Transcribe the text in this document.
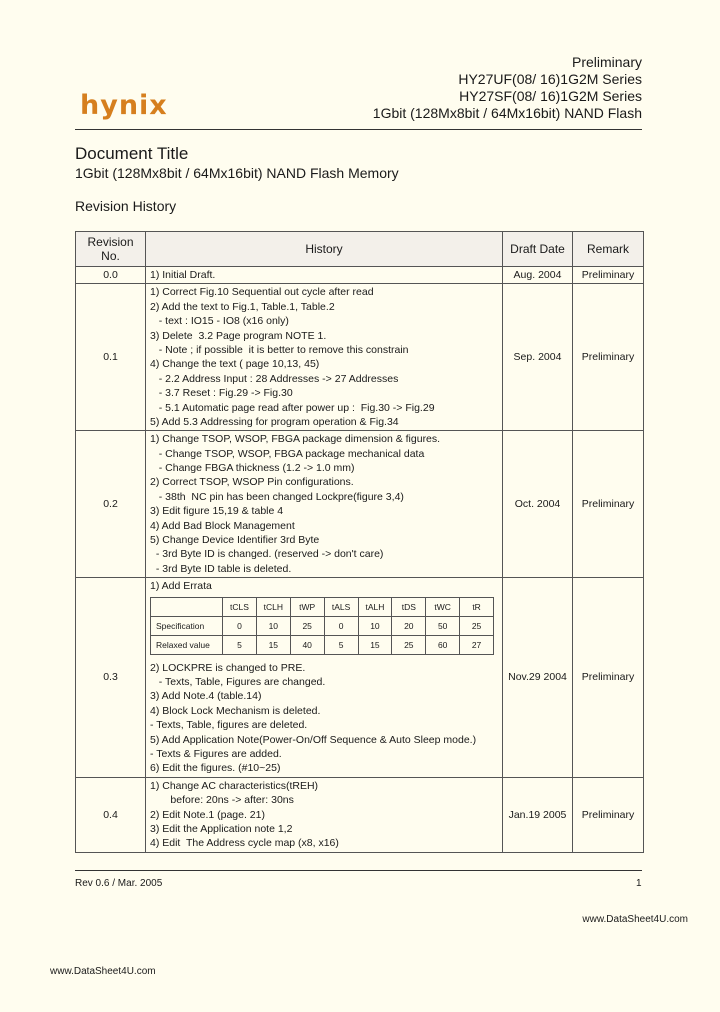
hynix
Preliminary
HY27UF(08/ 16)1G2M Series
HY27SF(08/ 16)1G2M Series
1Gbit (128Mx8bit / 64Mx16bit) NAND Flash
Document Title
1Gbit (128Mx8bit / 64Mx16bit) NAND Flash Memory
Revision History
Revision
No.	History	Draft Date	Remark
0.0	1) Initial Draft.	Aug. 2004	Preliminary
0.1	
1) Correct Fig.10 Sequential out cycle after read
2) Add the text to Fig.1, Table.1, Table.2
- text : IO15 - IO8 (x16 only)
3) Delete  3.2 Page program NOTE 1.
- Note ; if possible  it is better to remove this constrain
4) Change the text ( page 10,13, 45)
- 2.2 Address Input : 28 Addresses -> 27 Addresses
- 3.7 Reset : Fig.29 -> Fig.30
- 5.1 Automatic page read after power up :  Fig.30 -> Fig.29
5) Add 5.3 Addressing for program operation & Fig.34
	Sep. 2004	Preliminary
0.2	
1) Change TSOP, WSOP, FBGA package dimension & figures.
- Change TSOP, WSOP, FBGA package mechanical data
- Change FBGA thickness (1.2 -> 1.0 mm)
2) Correct TSOP, WSOP Pin configurations.
- 38th  NC pin has been changed Lockpre(figure 3,4)
3) Edit figure 15,19 & table 4
4) Add Bad Block Management
5) Change Device Identifier 3rd Byte
- 3rd Byte ID is changed. (reserved -> don't care)
- 3rd Byte ID table is deleted.
	Oct. 2004	Preliminary
0.3	
1) Add Errata
	tCLS	tCLH	tWP	tALS	tALH	tDS	tWC	tR
Specification	0	10	25	0	10	20	50	25
Relaxed value	5	15	40	5	15	25	60	27
2) LOCKPRE is changed to PRE.
- Texts, Table, Figures are changed.
3) Add Note.4 (table.14)
4) Block Lock Mechanism is deleted.
- Texts, Table, figures are deleted.
5) Add Application Note(Power-On/Off Sequence & Auto Sleep mode.)
- Texts & Figures are added.
6) Edit the figures. (#10~25)
	Nov.29 2004	Preliminary
0.4	
1) Change AC characteristics(tREH)
before: 20ns -> after: 30ns
2) Edit Note.1 (page. 21)
3) Edit the Application note 1,2
4) Edit  The Address cycle map (x8, x16)
	Jan.19 2005	Preliminary
Rev 0.6 / Mar. 2005	1
www.DataSheet4U.com
www.DataSheet4U.com
